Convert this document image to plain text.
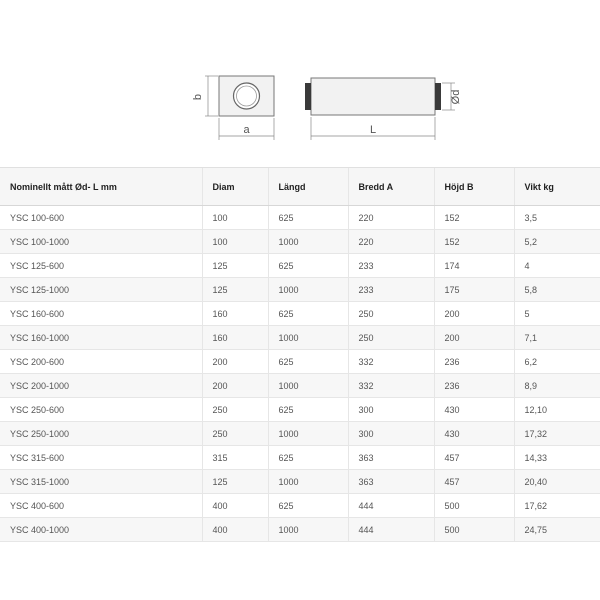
b
a	L
Ød
Nominellt mått Ød- L mm	Diam	Längd	Bredd A	Höjd B	Vikt kg
YSC 100-600	100	625	220	152	3,5
YSC 100-1000	100	1000	220	152	5,2
YSC 125-600	125	625	233	174	4
YSC 125-1000	125	1000	233	175	5,8
YSC 160-600	160	625	250	200	5
YSC 160-1000	160	1000	250	200	7,1
YSC 200-600	200	625	332	236	6,2
YSC 200-1000	200	1000	332	236	8,9
YSC 250-600	250	625	300	430	12,10
YSC 250-1000	250	1000	300	430	17,32
YSC 315-600	315	625	363	457	14,33
YSC 315-1000	125	1000	363	457	20,40
YSC 400-600	400	625	444	500	17,62
YSC 400-1000	400	1000	444	500	24,75
